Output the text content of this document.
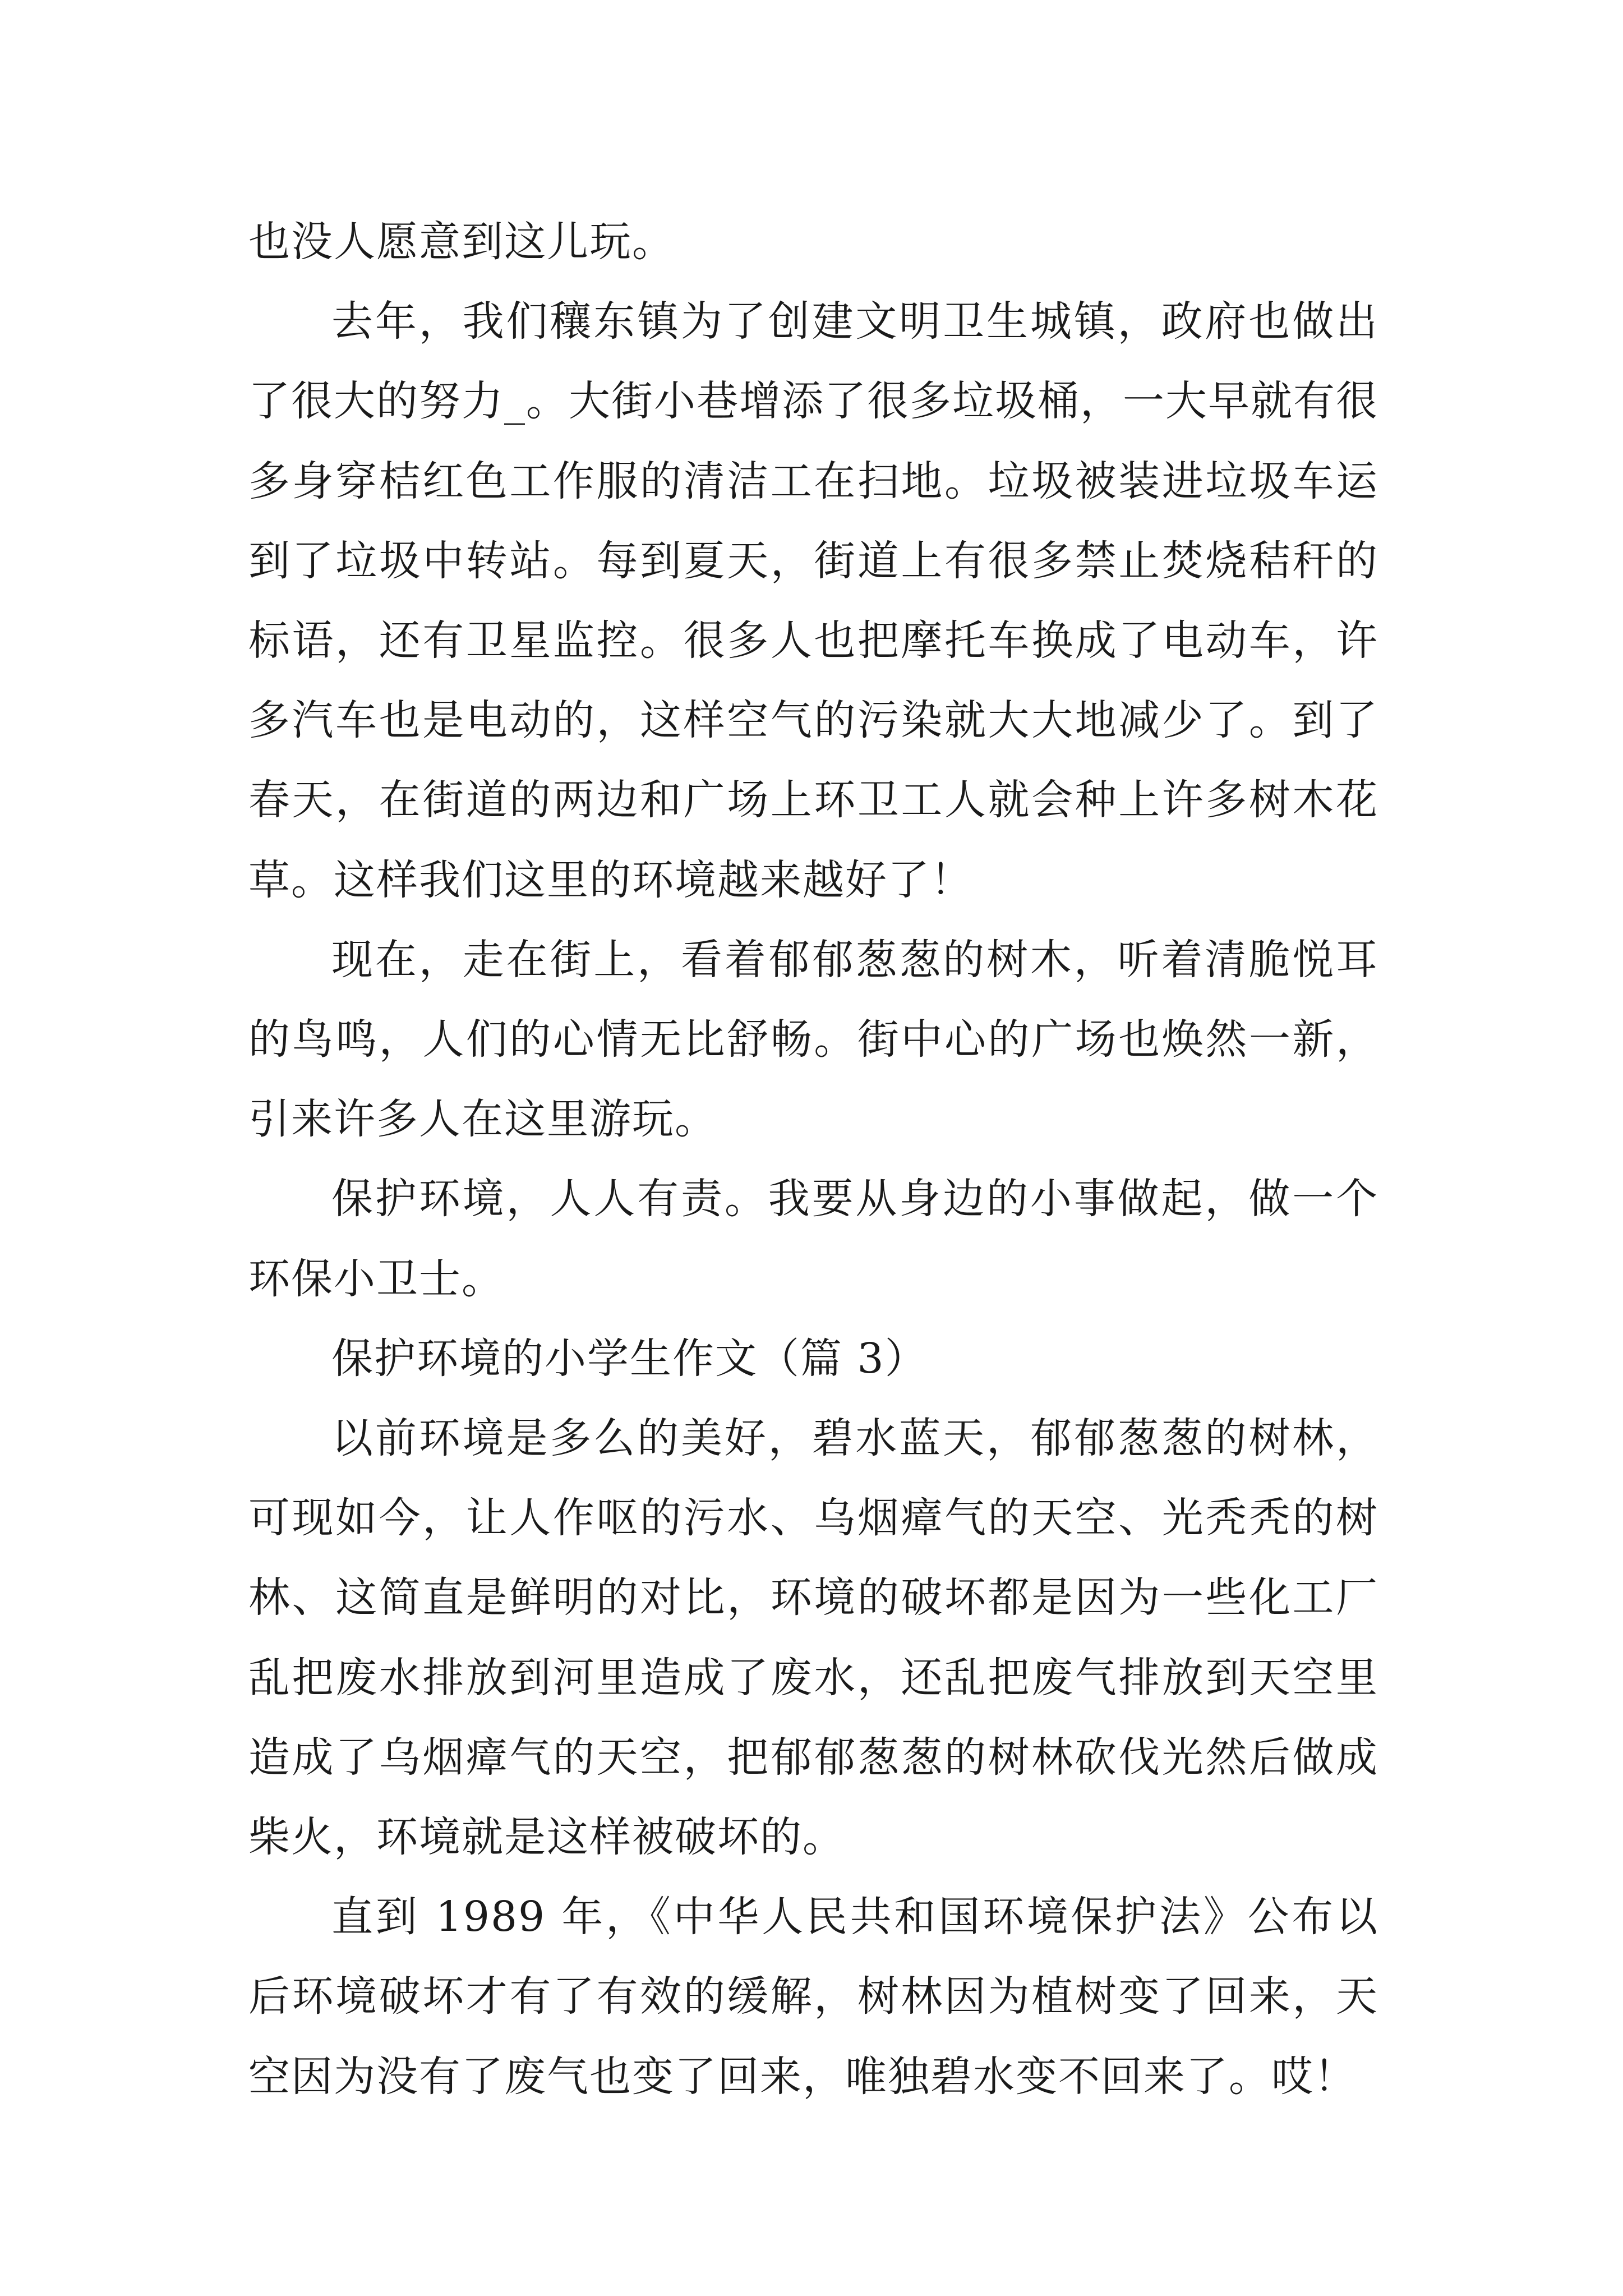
也没人愿意到这儿玩。

去年，我们穰东镇为了创建文明卫生城镇，政府也做出了很大的努力_。大街小巷增添了很多垃圾桶，一大早就有很多身穿桔红色工作服的清洁工在扫地。垃圾被装进垃圾车运到了垃圾中转站。每到夏天，街道上有很多禁止焚烧秸秆的标语，还有卫星监控。很多人也把摩托车换成了电动车，许多汽车也是电动的，这样空气的污染就大大地减少了。到了春天，在街道的两边和广场上环卫工人就会种上许多树木花草。这样我们这里的环境越来越好了！

现在，走在街上，看着郁郁葱葱的树木，听着清脆悦耳的鸟鸣，人们的心情无比舒畅。街中心的广场也焕然一新，引来许多人在这里游玩。

保护环境，人人有责。我要从身边的小事做起，做一个环保小卫士。

保护环境的小学生作文（篇 3）

以前环境是多么的美好，碧水蓝天，郁郁葱葱的树林，可现如今，让人作呕的污水、乌烟瘴气的天空、光秃秃的树林、这简直是鲜明的对比，环境的破坏都是因为一些化工厂乱把废水排放到河里造成了废水，还乱把废气排放到天空里造成了乌烟瘴气的天空，把郁郁葱葱的树林砍伐光然后做成柴火，环境就是这样被破坏的。

直到 1989 年，《中华人民共和国环境保护法》公布以后环境破坏才有了有效的缓解，树林因为植树变了回来，天空因为没有了废气也变了回来，唯独碧水变不回来了。哎！
